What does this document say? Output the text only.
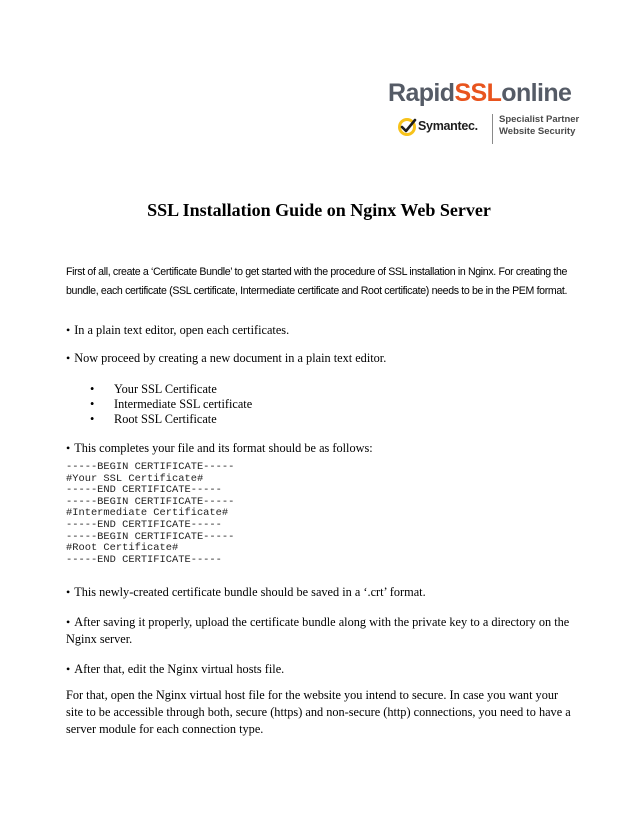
RapidSSLonline
Symantec. Specialist Partner
Website Security
SSL Installation Guide on Nginx Web Server

First of all, create a ‘Certificate Bundle’ to get started with the procedure of SSL installation in Nginx. For creating the bundle, each certificate (SSL certificate, Intermediate certificate and Root certificate) needs to be in the PEM format.

• In a plain text editor, open each certificates.

• Now proceed by creating a new document in a plain text editor.

• Your SSL Certificate
• Intermediate SSL certificate
• Root SSL Certificate

• This completes your file and its format should be as follows:

-----BEGIN CERTIFICATE-----
#Your SSL Certificate#
-----END CERTIFICATE-----
-----BEGIN CERTIFICATE-----
#Intermediate Certificate#
-----END CERTIFICATE-----
-----BEGIN CERTIFICATE-----
#Root Certificate#
-----END CERTIFICATE-----

• This newly-created certificate bundle should be saved in a ‘.crt’ format.

• After saving it properly, upload the certificate bundle along with the private key to a directory on the Nginx server.

• After that, edit the Nginx virtual hosts file.

For that, open the Nginx virtual host file for the website you intend to secure. In case you want your site to be accessible through both, secure (https) and non-secure (http) connections, you need to have a server module for each connection type.
